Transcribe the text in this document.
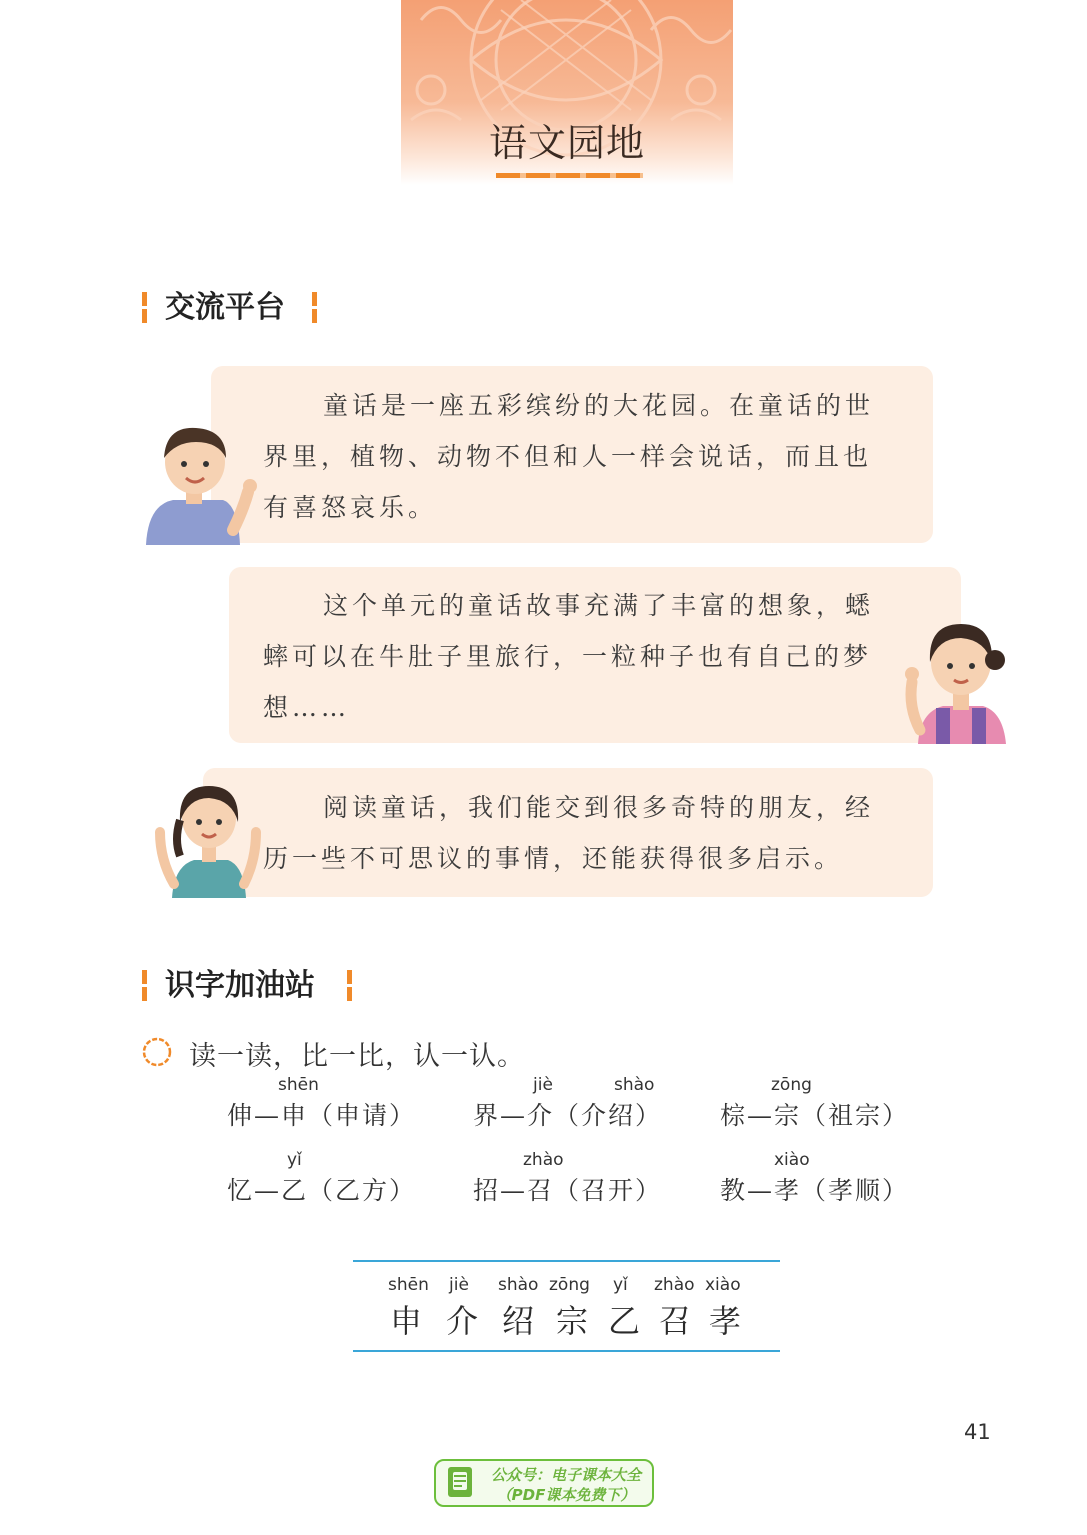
语文园地
交流平台
童话是一座五彩缤纷的大花园。在童话的世
界里，植物、动物不但和人一样会说话，而且也
有喜怒哀乐。
这个单元的童话故事充满了丰富的想象，蟋
蟀可以在牛肚子里旅行，一粒种子也有自己的梦
想……
阅读童话，我们能交到很多奇特的朋友，经
历一些不可思议的事情，还能获得很多启示。
识字加油站
读一读，比一比，认一认。
shēn	jiè	shào	zōng
伸—申（申请） 界—介（介绍） 棕—宗（祖宗）
yǐ	zhào	xiào
忆—乙（乙方） 招—召（召开） 教—孝（孝顺）
shēn jiè shào zōng yǐ zhào xiào
申 介 绍 宗 乙 召 孝
41
公众号：电子课本大全
（PDF课本免费下）
